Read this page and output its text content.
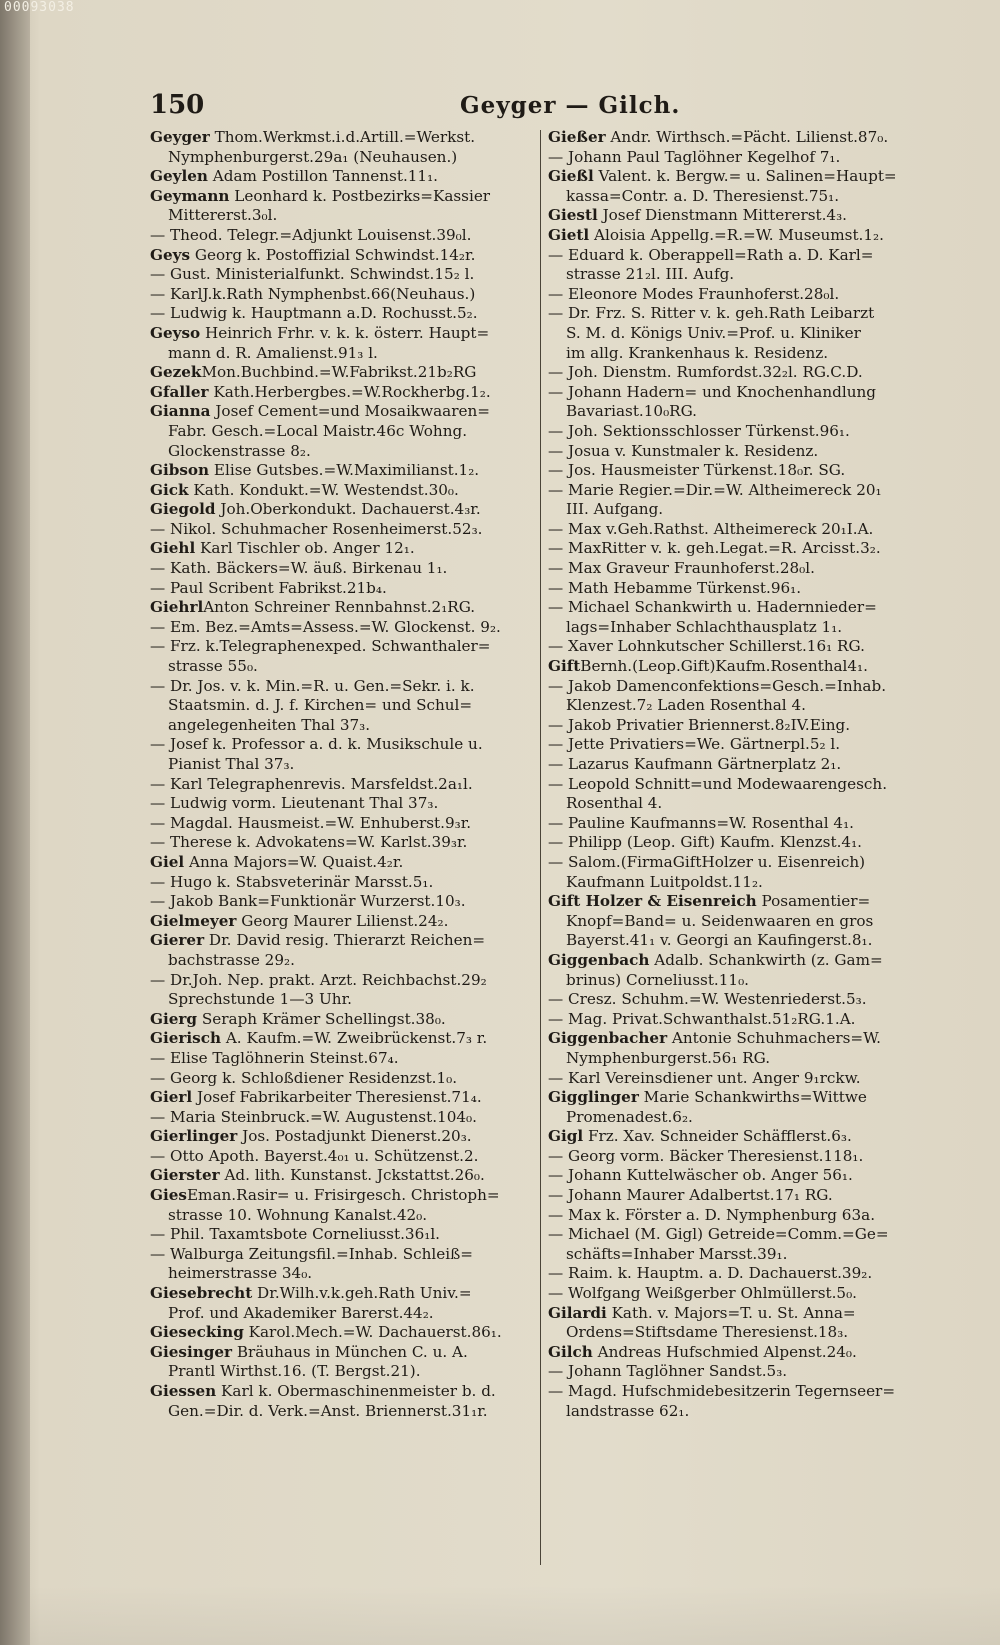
00093038
150	Geyger — Gilch.
Geyger Thom.Werkmst.i.d.Artill.=Werkst.
Nymphenburgerst.29a₁ (Neuhausen.)
Geylen Adam Postillon Tannenst.11₁.
Geymann Leonhard k. Postbezirks=Kassier
Mittererst.3₀l.
— Theod. Telegr.=Adjunkt Louisenst.39₀l.
Geys Georg k. Postoffizial Schwindst.14₂r.
— Gust. Ministerialfunkt. Schwindst.15₂ l.
— KarlJ.k.Rath Nymphenbst.66(Neuhaus.)
— Ludwig k. Hauptmann a.D. Rochusst.5₂.
Geyso Heinrich Frhr. v. k. k. österr. Haupt=
mann d. R. Amalienst.91₃ l.
GezekMon.Buchbind.=W.Fabrikst.21b₂RG
Gfaller Kath.Herbergbes.=W.Rockherbg.1₂.
Gianna Josef Cement=und Mosaikwaaren=
Fabr. Gesch.=Local Maistr.46c Wohng.
Glockenstrasse 8₂.
Gibson Elise Gutsbes.=W.Maximilianst.1₂.
Gick Kath. Kondukt.=W. Westendst.30₀.
Giegold Joh.Oberkondukt. Dachauerst.4₃r.
— Nikol. Schuhmacher Rosenheimerst.52₃.
Giehl Karl Tischler ob. Anger 12₁.
— Kath. Bäckers=W. äuß. Birkenau 1₁.
— Paul Scribent Fabrikst.21b₄.
GiehrlAnton Schreiner Rennbahnst.2₁RG.
— Em. Bez.=Amts=Assess.=W. Glockenst. 9₂.
— Frz. k.Telegraphenexped. Schwanthaler=
strasse 55₀.
— Dr. Jos. v. k. Min.=R. u. Gen.=Sekr. i. k.
Staatsmin. d. J. f. Kirchen= und Schul=
angelegenheiten Thal 37₃.
— Josef k. Professor a. d. k. Musikschule u.
Pianist Thal 37₃.
— Karl Telegraphenrevis. Marsfeldst.2a₁l.
— Ludwig vorm. Lieutenant Thal 37₃.
— Magdal. Hausmeist.=W. Enhuberst.9₃r.
— Therese k. Advokatens=W. Karlst.39₃r.
Giel Anna Majors=W. Quaist.4₂r.
— Hugo k. Stabsveterinär Marsst.5₁.
— Jakob Bank=Funktionär Wurzerst.10₃.
Gielmeyer Georg Maurer Lilienst.24₂.
Gierer Dr. David resig. Thierarzt Reichen=
bachstrasse 29₂.
— Dr.Joh. Nep. prakt. Arzt. Reichbachst.29₂
Sprechstunde 1—3 Uhr.
Gierg Seraph Krämer Schellingst.38₀.
Gierisch A. Kaufm.=W. Zweibrückenst.7₃ r.
— Elise Taglöhnerin Steinst.67₄.
— Georg k. Schloßdiener Residenzst.1₀.
Gierl Josef Fabrikarbeiter Theresienst.71₄.
— Maria Steinbruck.=W. Augustenst.104₀.
Gierlinger Jos. Postadjunkt Dienerst.20₃.
— Otto Apoth. Bayerst.4₀₁ u. Schützenst.2.
Gierster Ad. lith. Kunstanst. Jckstattst.26₀.
GiesEman.Rasir= u. Frisirgesch. Christoph=
strasse 10. Wohnung Kanalst.42₀.
— Phil. Taxamtsbote Corneliusst.36₁l.
— Walburga Zeitungsfil.=Inhab. Schleiß=
heimerstrasse 34₀.
Giesebrecht Dr.Wilh.v.k.geh.Rath Univ.=
Prof. und Akademiker Barerst.44₂.
Giesecking Karol.Mech.=W. Dachauerst.86₁.
Giesinger Bräuhaus in München C. u. A.
Prantl Wirthst.16. (T. Bergst.21).
Giessen Karl k. Obermaschinenmeister b. d.
Gen.=Dir. d. Verk.=Anst. Briennerst.31₁r.
Gießer Andr. Wirthsch.=Pächt. Lilienst.87₀.
— Johann Paul Taglöhner Kegelhof 7₁.
Gießl Valent. k. Bergw.= u. Salinen=Haupt=
kassa=Contr. a. D. Theresienst.75₁.
Giestl Josef Dienstmann Mittererst.4₃.
Gietl Aloisia Appellg.=R.=W. Museumst.1₂.
— Eduard k. Oberappell=Rath a. D. Karl=
strasse 21₂l. III. Aufg.
— Eleonore Modes Fraunhoferst.28₀l.
— Dr. Frz. S. Ritter v. k. geh.Rath Leibarzt
S. M. d. Königs Univ.=Prof. u. Kliniker
im allg. Krankenhaus k. Residenz.
— Joh. Dienstm. Rumfordst.32₂l. RG.C.D.
— Johann Hadern= und Knochenhandlung
Bavariast.10₀RG.
— Joh. Sektionsschlosser Türkenst.96₁.
— Josua v. Kunstmaler k. Residenz.
— Jos. Hausmeister Türkenst.18₀r. SG.
— Marie Regier.=Dir.=W. Altheimereck 20₁
III. Aufgang.
— Max v.Geh.Rathst. Altheimereck 20₁I.A.
— MaxRitter v. k. geh.Legat.=R. Arcisst.3₂.
— Max Graveur Fraunhoferst.28₀l.
— Math Hebamme Türkenst.96₁.
— Michael Schankwirth u. Hadernnieder=
lags=Inhaber Schlachthausplatz 1₁.
— Xaver Lohnkutscher Schillerst.16₁ RG.
GiftBernh.(Leop.Gift)Kaufm.Rosenthal4₁.
— Jakob Damenconfektions=Gesch.=Inhab.
Klenzest.7₂ Laden Rosenthal 4.
— Jakob Privatier Briennerst.8₂IV.Eing.
— Jette Privatiers=We. Gärtnerpl.5₂ l.
— Lazarus Kaufmann Gärtnerplatz 2₁.
— Leopold Schnitt=und Modewaarengesch.
Rosenthal 4.
— Pauline Kaufmanns=W. Rosenthal 4₁.
— Philipp (Leop. Gift) Kaufm. Klenzst.4₁.
— Salom.(FirmaGiftHolzer u. Eisenreich)
Kaufmann Luitpoldst.11₂.
Gift Holzer & Eisenreich Posamentier=
Knopf=Band= u. Seidenwaaren en gros
Bayerst.41₁ v. Georgi an Kaufingerst.8₁.
Giggenbach Adalb. Schankwirth (z. Gam=
brinus) Corneliusst.11₀.
— Cresz. Schuhm.=W. Westenriederst.5₃.
— Mag. Privat.Schwanthalst.51₂RG.1.A.
Giggenbacher Antonie Schuhmachers=W.
Nymphenburgerst.56₁ RG.
— Karl Vereinsdiener unt. Anger 9₁rckw.
Gigglinger Marie Schankwirths=Wittwe
Promenadest.6₂.
Gigl Frz. Xav. Schneider Schäfflerst.6₃.
— Georg vorm. Bäcker Theresienst.118₁.
— Johann Kuttelwäscher ob. Anger 56₁.
— Johann Maurer Adalbertst.17₁ RG.
— Max k. Förster a. D. Nymphenburg 63a.
— Michael (M. Gigl) Getreide=Comm.=Ge=
schäfts=Inhaber Marsst.39₁.
— Raim. k. Hauptm. a. D. Dachauerst.39₂.
— Wolfgang Weißgerber Ohlmüllerst.5₀.
Gilardi Kath. v. Majors=T. u. St. Anna=
Ordens=Stiftsdame Theresienst.18₃.
Gilch Andreas Hufschmied Alpenst.24₀.
— Johann Taglöhner Sandst.5₃.
— Magd. Hufschmidebesitzerin Tegernseer=
landstrasse 62₁.
